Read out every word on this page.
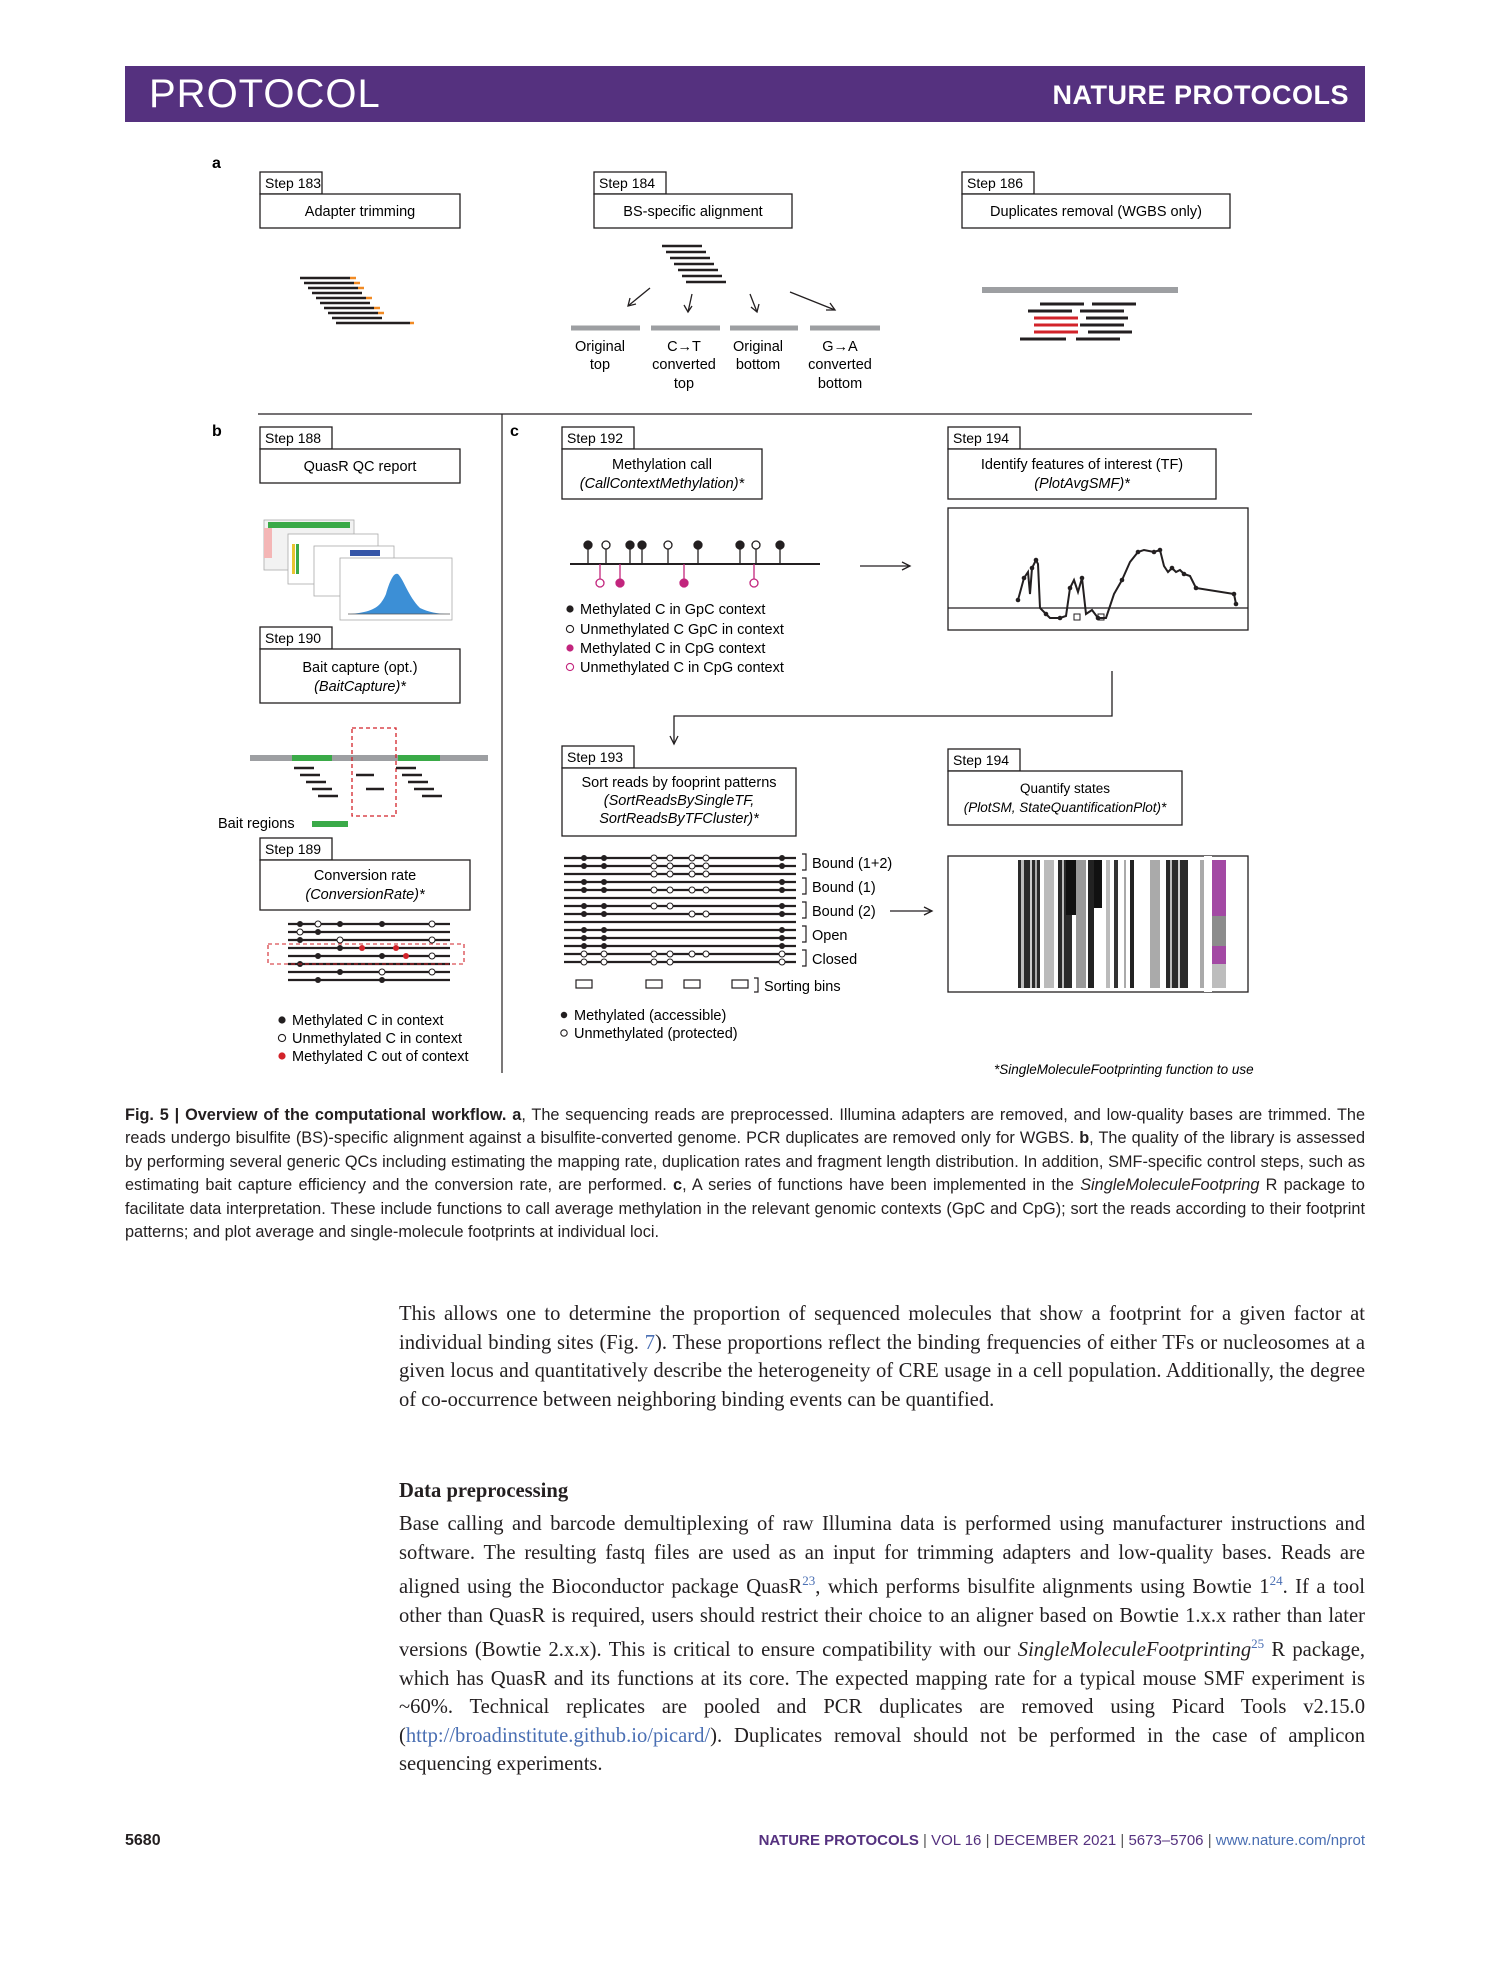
PROTOCOL	NATURE PROTOCOLS
a
Step 183
Adapter trimming
Step 184
BS-specific alignment
Original
top
C→T
converted
top
Original
bottom
G→A
converted
bottom
Step 186
Duplicates removal (WGBS only)
b	Step 188
QuasR QC report
Step 190
Bait capture (opt.)
(BaitCapture)*
Bait regions
Step 189
Conversion rate
(ConversionRate)*
Methylated C in context
Unmethylated C in context
Methylated C out of context
c	Step 192
Methylation call
(CallContextMethylation)*
Methylated C in GpC context
Unmethylated C GpC in context
Methylated C in CpG context
Unmethylated C in CpG context
Step 194
Identify features of interest (TF)
(PlotAvgSMF)*
Step 193
Sort reads by fooprint patterns
(SortReadsBySingleTF,
SortReadsByTFCluster)*
Bound (1+2)
Bound (1)
Bound (2)
Open
Closed
Sorting bins
Methylated (accessible)
Unmethylated (protected)
Step 194
Quantify states
(PlotSM, StateQuantificationPlot)*
*SingleMoleculeFootprinting function to use
Fig. 5 | Overview of the computational workflow. a, The sequencing reads are preprocessed. Illumina adapters are removed, and low-quality bases are trimmed. The reads undergo bisulfite (BS)-specific alignment against a bisulfite-converted genome. PCR duplicates are removed only for WGBS. b, The quality of the library is assessed by performing several generic QCs including estimating the mapping rate, duplication rates and fragment length distribution. In addition, SMF-specific control steps, such as estimating bait capture efficiency and the conversion rate, are performed. c, A series of functions have been implemented in the SingleMoleculeFootpring R package to facilitate data interpretation. These include functions to call average methylation in the relevant genomic contexts (GpC and CpG); sort the reads according to their footprint patterns; and plot average and single-molecule footprints at individual loci.
This allows one to determine the proportion of sequenced molecules that show a footprint for a given factor at individual binding sites (Fig. 7). These proportions reflect the binding frequencies of either TFs or nucleosomes at a given locus and quantitatively describe the heterogeneity of CRE usage in a cell population. Additionally, the degree of co-occurrence between neighboring binding events can be quantified.
Data preprocessing
Base calling and barcode demultiplexing of raw Illumina data is performed using manufacturer instructions and software. The resulting fastq files are used as an input for trimming adapters and low-quality bases. Reads are aligned using the Bioconductor package QuasR$^{23}$, which performs bisulfite alignments using Bowtie $1^{24}$. If a tool other than QuasR is required, users should restrict their choice to an aligner based on Bowtie 1.x.x rather than later versions (Bowtie 2.x.x). This is critical to ensure compatibility with our SingleMoleculeFootprinting$^{25}$ R package, which has QuasR and its functions at its core. The expected mapping rate for a typical mouse SMF experiment is ~60%. Technical replicates are pooled and PCR duplicates are removed using Picard Tools v2.15.0 (http://broadinstitute.github.io/picard/). Duplicates removal should not be performed in the case of amplicon sequencing experiments.
5680	NATURE PROTOCOLS | VOL 16 | DECEMBER 2021 | 5673–5706 | www.nature.com/nprot
